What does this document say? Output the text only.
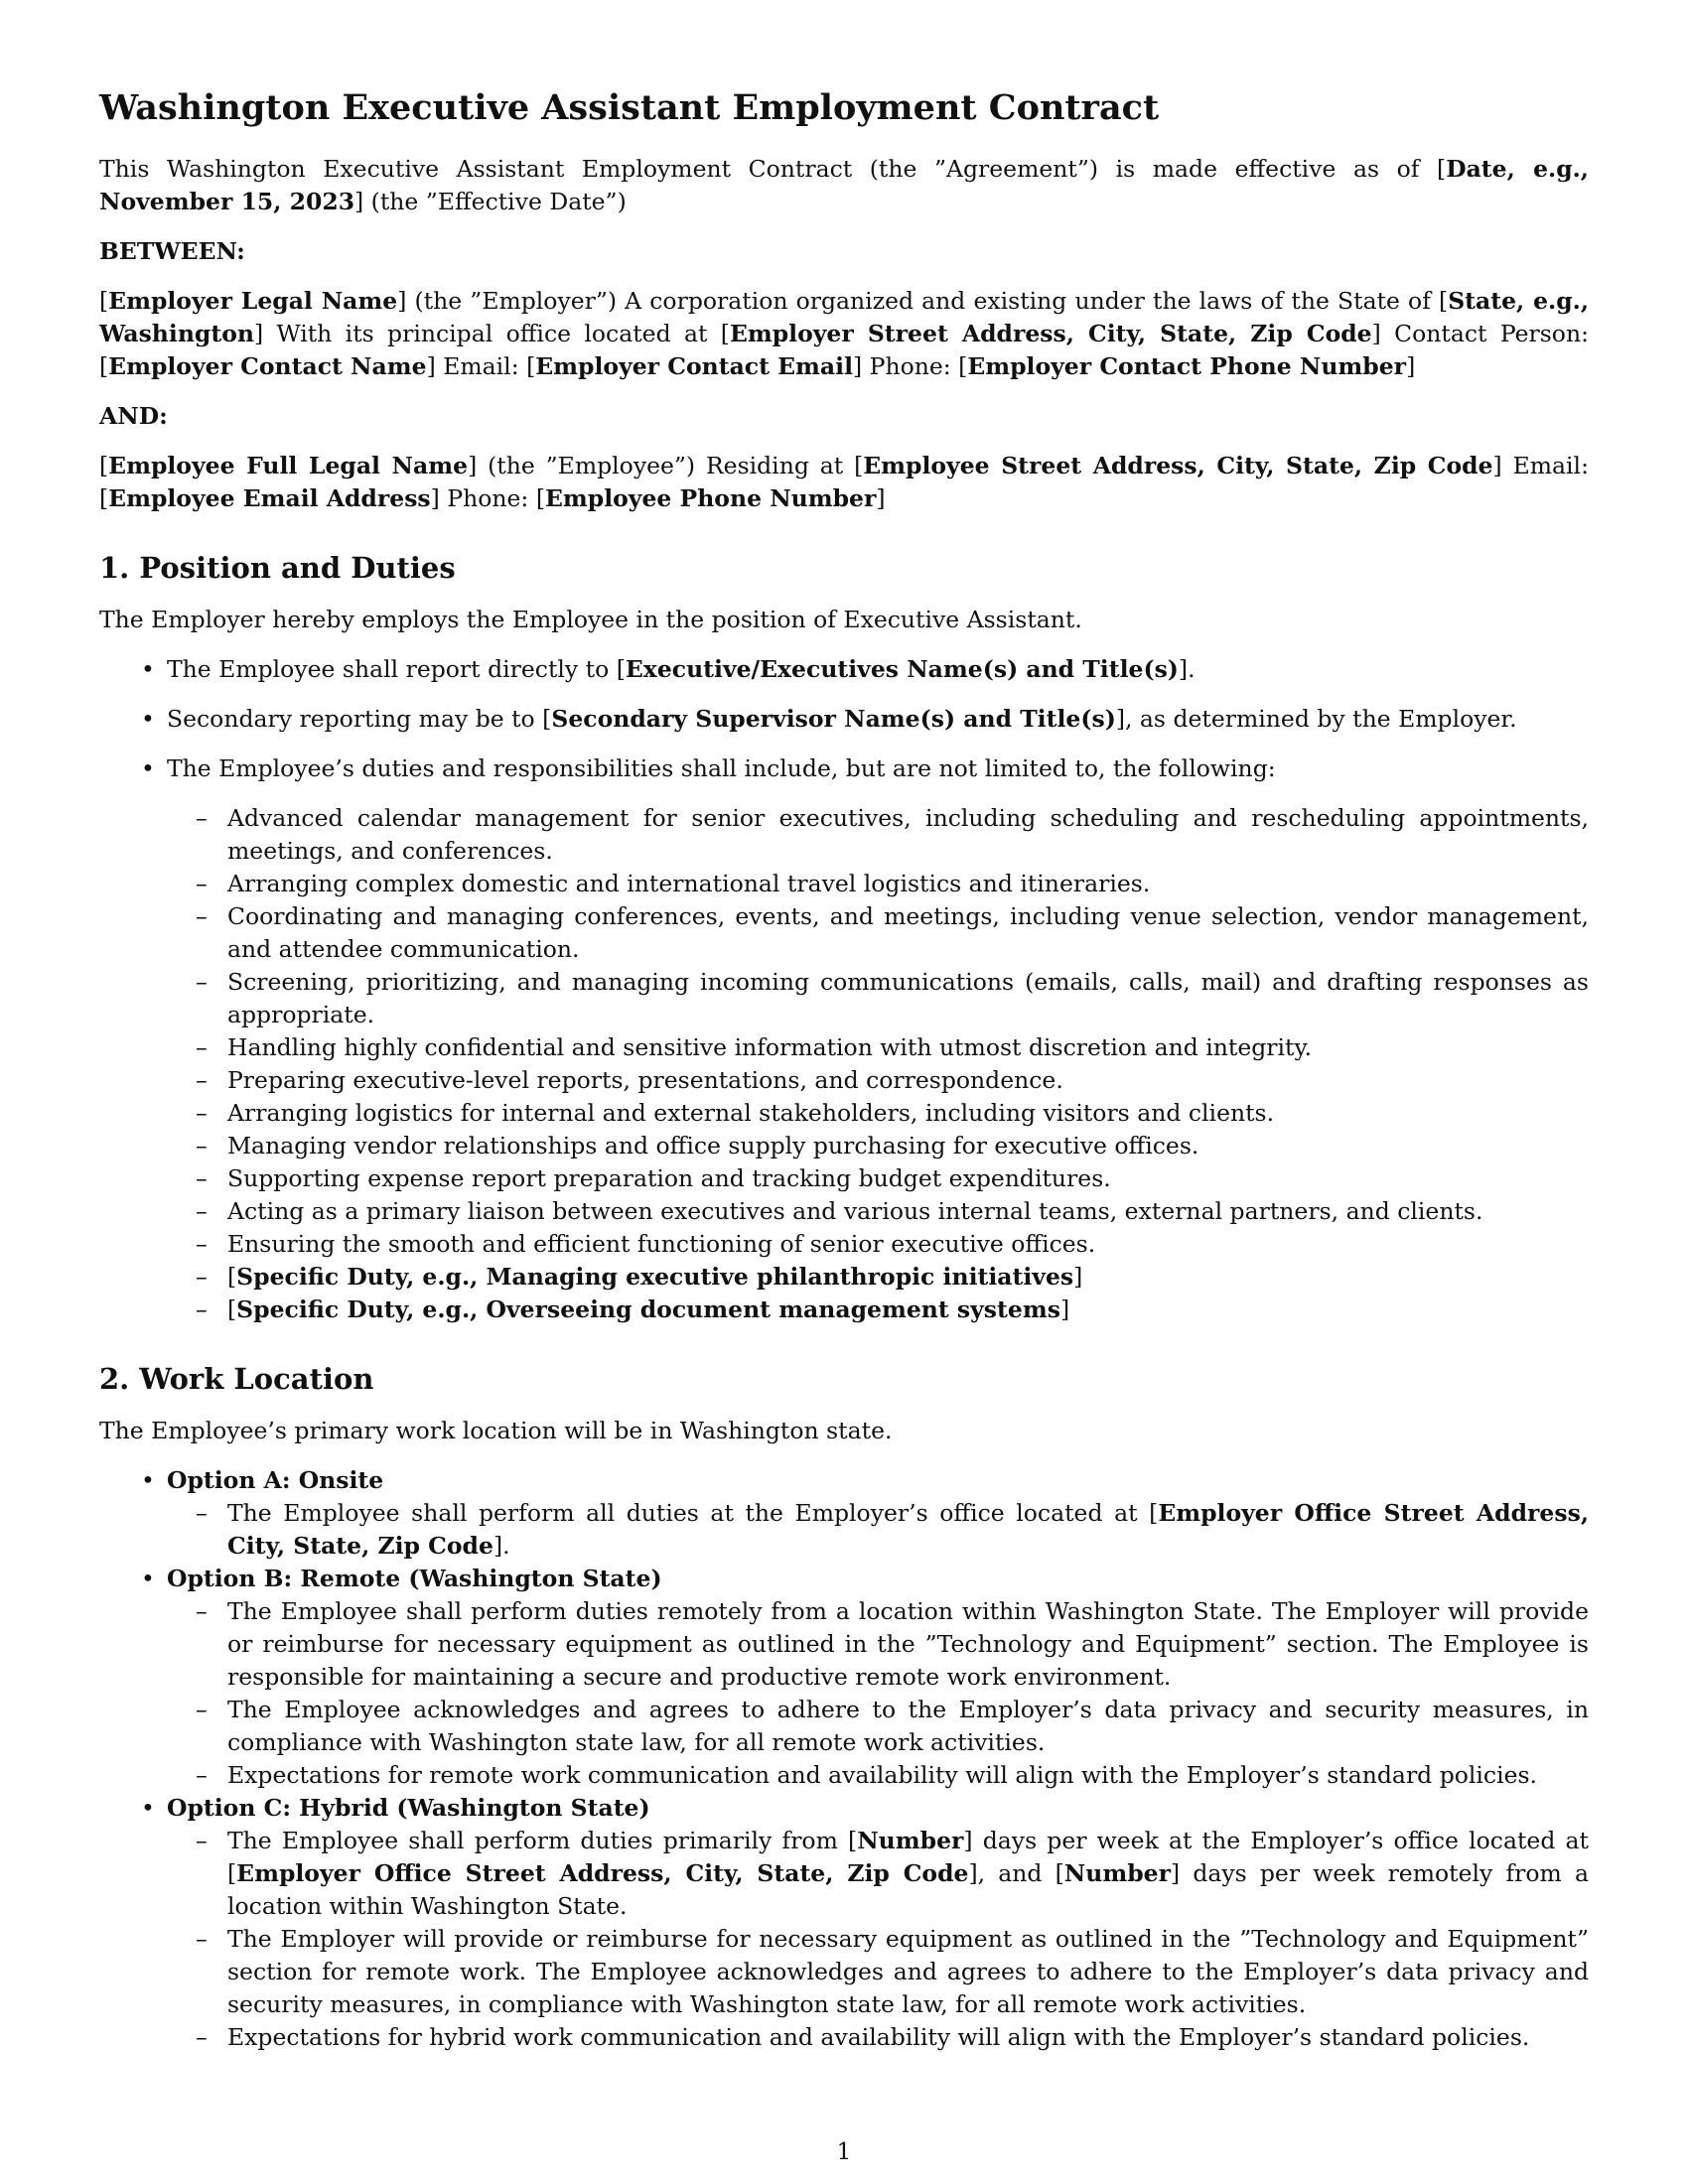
Washington Executive Assistant Employment Contract

This Washington Executive Assistant Employment Contract (the ”Agreement”) is made effective as of [Date, e.g., November 15, 2023] (the ”Effective Date”)

BETWEEN:

[Employer Legal Name] (the ”Employer”) A corporation organized and existing under the laws of the State of [State, e.g., Washington] With its principal office located at [Employer Street Address, City, State, Zip Code] Contact Person: [Employer Contact Name] Email: [Employer Contact Email] Phone: [Employer Contact Phone Number]

AND:

[Employee Full Legal Name] (the ”Employee”) Residing at [Employee Street Address, City, State, Zip Code] Email: [Employee Email Address] Phone: [Employee Phone Number]

1. Position and Duties

The Employer hereby employs the Employee in the position of Executive Assistant.

• The Employee shall report directly to [Executive/Executives Name(s) and Title(s)].
• Secondary reporting may be to [Secondary Supervisor Name(s) and Title(s)], as determined by the Employer.
• The Employee’s duties and responsibilities shall include, but are not limited to, the following:
– Advanced calendar management for senior executives, including scheduling and rescheduling appointments, meetings, and conferences.
– Arranging complex domestic and international travel logistics and itineraries.
– Coordinating and managing conferences, events, and meetings, including venue selection, vendor management, and attendee communication.
– Screening, prioritizing, and managing incoming communications (emails, calls, mail) and drafting responses as appropriate.
– Handling highly confidential and sensitive information with utmost discretion and integrity.
– Preparing executive-level reports, presentations, and correspondence.
– Arranging logistics for internal and external stakeholders, including visitors and clients.
– Managing vendor relationships and office supply purchasing for executive offices.
– Supporting expense report preparation and tracking budget expenditures.
– Acting as a primary liaison between executives and various internal teams, external partners, and clients.
– Ensuring the smooth and efficient functioning of senior executive offices.
– [Specific Duty, e.g., Managing executive philanthropic initiatives]
– [Specific Duty, e.g., Overseeing document management systems]
2. Work Location

The Employee’s primary work location will be in Washington state.

• Option A: Onsite
– The Employee shall perform all duties at the Employer’s office located at [Employer Office Street Address, City, State, Zip Code].
• Option B: Remote (Washington State)
– The Employee shall perform duties remotely from a location within Washington State. The Employer will provide or reimburse for necessary equipment as outlined in the ”Technology and Equipment” section. The Employee is responsible for maintaining a secure and productive remote work environment.
– The Employee acknowledges and agrees to adhere to the Employer’s data privacy and security measures, in compliance with Washington state law, for all remote work activities.
– Expectations for remote work communication and availability will align with the Employer’s standard policies.
• Option C: Hybrid (Washington State)
– The Employee shall perform duties primarily from [Number] days per week at the Employer’s office located at [Employer Office Street Address, City, State, Zip Code], and [Number] days per week remotely from a location within Washington State.
– The Employer will provide or reimburse for necessary equipment as outlined in the ”Technology and Equipment” section for remote work. The Employee acknowledges and agrees to adhere to the Employer’s data privacy and security measures, in compliance with Washington state law, for all remote work activities.
– Expectations for hybrid work communication and availability will align with the Employer’s standard policies.
1
